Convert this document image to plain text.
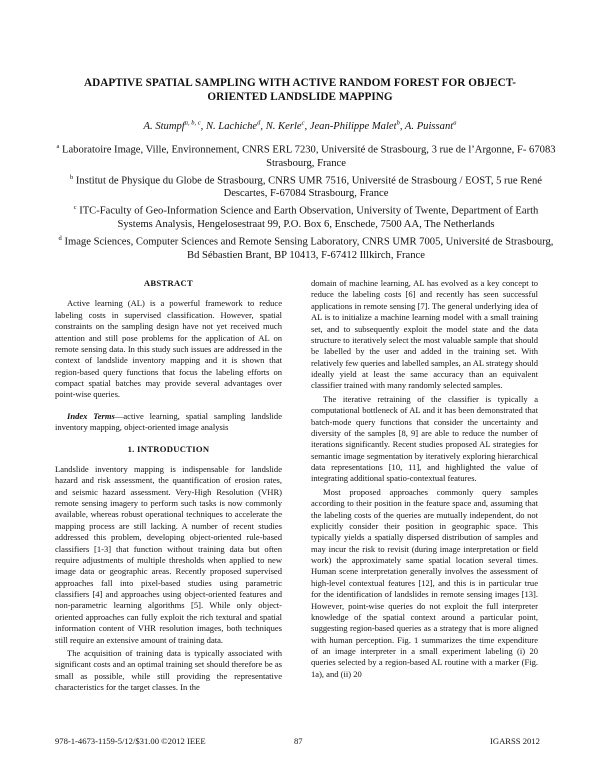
ADAPTIVE SPATIAL SAMPLING WITH ACTIVE RANDOM FOREST FOR OBJECT-ORIENTED LANDSLIDE MAPPING
A. Stumpf$^{a, b, c}$, N. Lachiche$^d$, N. Kerle$^c$, Jean-Philippe Malet$^b$, A. Puissant$^a$

$^a$ Laboratoire Image, Ville, Environnement, CNRS ERL 7230, Université de Strasbourg, 3 rue de l’Argonne, F- 67083 Strasbourg, France

$^b$ Institut de Physique du Globe de Strasbourg, CNRS UMR 7516, Université de Strasbourg / EOST, 5 rue René Descartes, F-67084 Strasbourg, France

$^c$ ITC-Faculty of Geo-Information Science and Earth Observation, University of Twente, Department of Earth Systems Analysis, Hengelosestraat 99, P.O. Box 6, Enschede, 7500 AA, The Netherlands

$^d$ Image Sciences, Computer Sciences and Remote Sensing Laboratory, CNRS UMR 7005, Université de Strasbourg, Bd Sébastien Brant, BP 10413, F-67412 Illkirch, France

ABSTRACT

Active learning (AL) is a powerful framework to reduce labeling costs in supervised classification. However, spatial constraints on the sampling design have not yet received much attention and still pose problems for the application of AL on remote sensing data. In this study such issues are addressed in the context of landslide inventory mapping and it is shown that region-based query functions that focus the labeling efforts on compact spatial batches may provide several advantages over point-wise queries.

Index Terms—active learning, spatial sampling landslide inventory mapping, object-oriented image analysis

1. INTRODUCTION

Landslide inventory mapping is indispensable for landslide hazard and risk assessment, the quantification of erosion rates, and seismic hazard assessment. Very-High Resolution (VHR) remote sensing imagery to perform such tasks is now commonly available, whereas robust operational techniques to accelerate the mapping process are still lacking. A number of recent studies addressed this problem, developing object-oriented rule-based classifiers [1-3] that function without training data but often require adjustments of multiple thresholds when applied to new image data or geographic areas. Recently proposed supervised approaches fall into pixel-based studies using parametric classifiers [4] and approaches using object-oriented features and non-parametric learning algorithms [5]. While only object-oriented approaches can fully exploit the rich textural and spatial information content of VHR resolution images, both techniques still require an extensive amount of training data.

The acquisition of training data is typically associated with significant costs and an optimal training set should therefore be as small as possible, while still providing the representative characteristics for the target classes. In the

domain of machine learning, AL has evolved as a key concept to reduce the labeling costs [6] and recently has seen successful applications in remote sensing [7]. The general underlying idea of AL is to initialize a machine learning model with a small training set, and to subsequently exploit the model state and the data structure to iteratively select the most valuable sample that should be labelled by the user and added in the training set. With relatively few queries and labelled samples, an AL strategy should ideally yield at least the same accuracy than an equivalent classifier trained with many randomly selected samples.

The iterative retraining of the classifier is typically a computational bottleneck of AL and it has been demonstrated that batch-mode query functions that consider the uncertainty and diversity of the samples [8, 9] are able to reduce the number of iterations significantly. Recent studies proposed AL strategies for semantic image segmentation by iteratively exploring hierarchical data representations [10, 11], and highlighted the value of integrating additional spatio-contextual features.

Most proposed approaches commonly query samples according to their position in the feature space and, assuming that the labeling costs of the queries are mutually independent, do not explicitly consider their position in geographic space. This typically yields a spatially dispersed distribution of samples and may incur the risk to revisit (during image interpretation or field work) the approximately same spatial location several times. Human scene interpretation generally involves the assessment of high-level contextual features [12], and this is in particular true for the identification of landslides in remote sensing images [13]. However, point-wise queries do not exploit the full interpreter knowledge of the spatial context around a particular point, suggesting region-based queries as a strategy that is more aligned with human perception. Fig. 1 summarizes the time expenditure of an image interpreter in a small experiment labeling (i) 20 queries selected by a region-based AL routine with a marker (Fig. 1a), and (ii) 20

978-1-4673-1159-5/12/$31.00 ©2012 IEEE	87	IGARSS 2012
